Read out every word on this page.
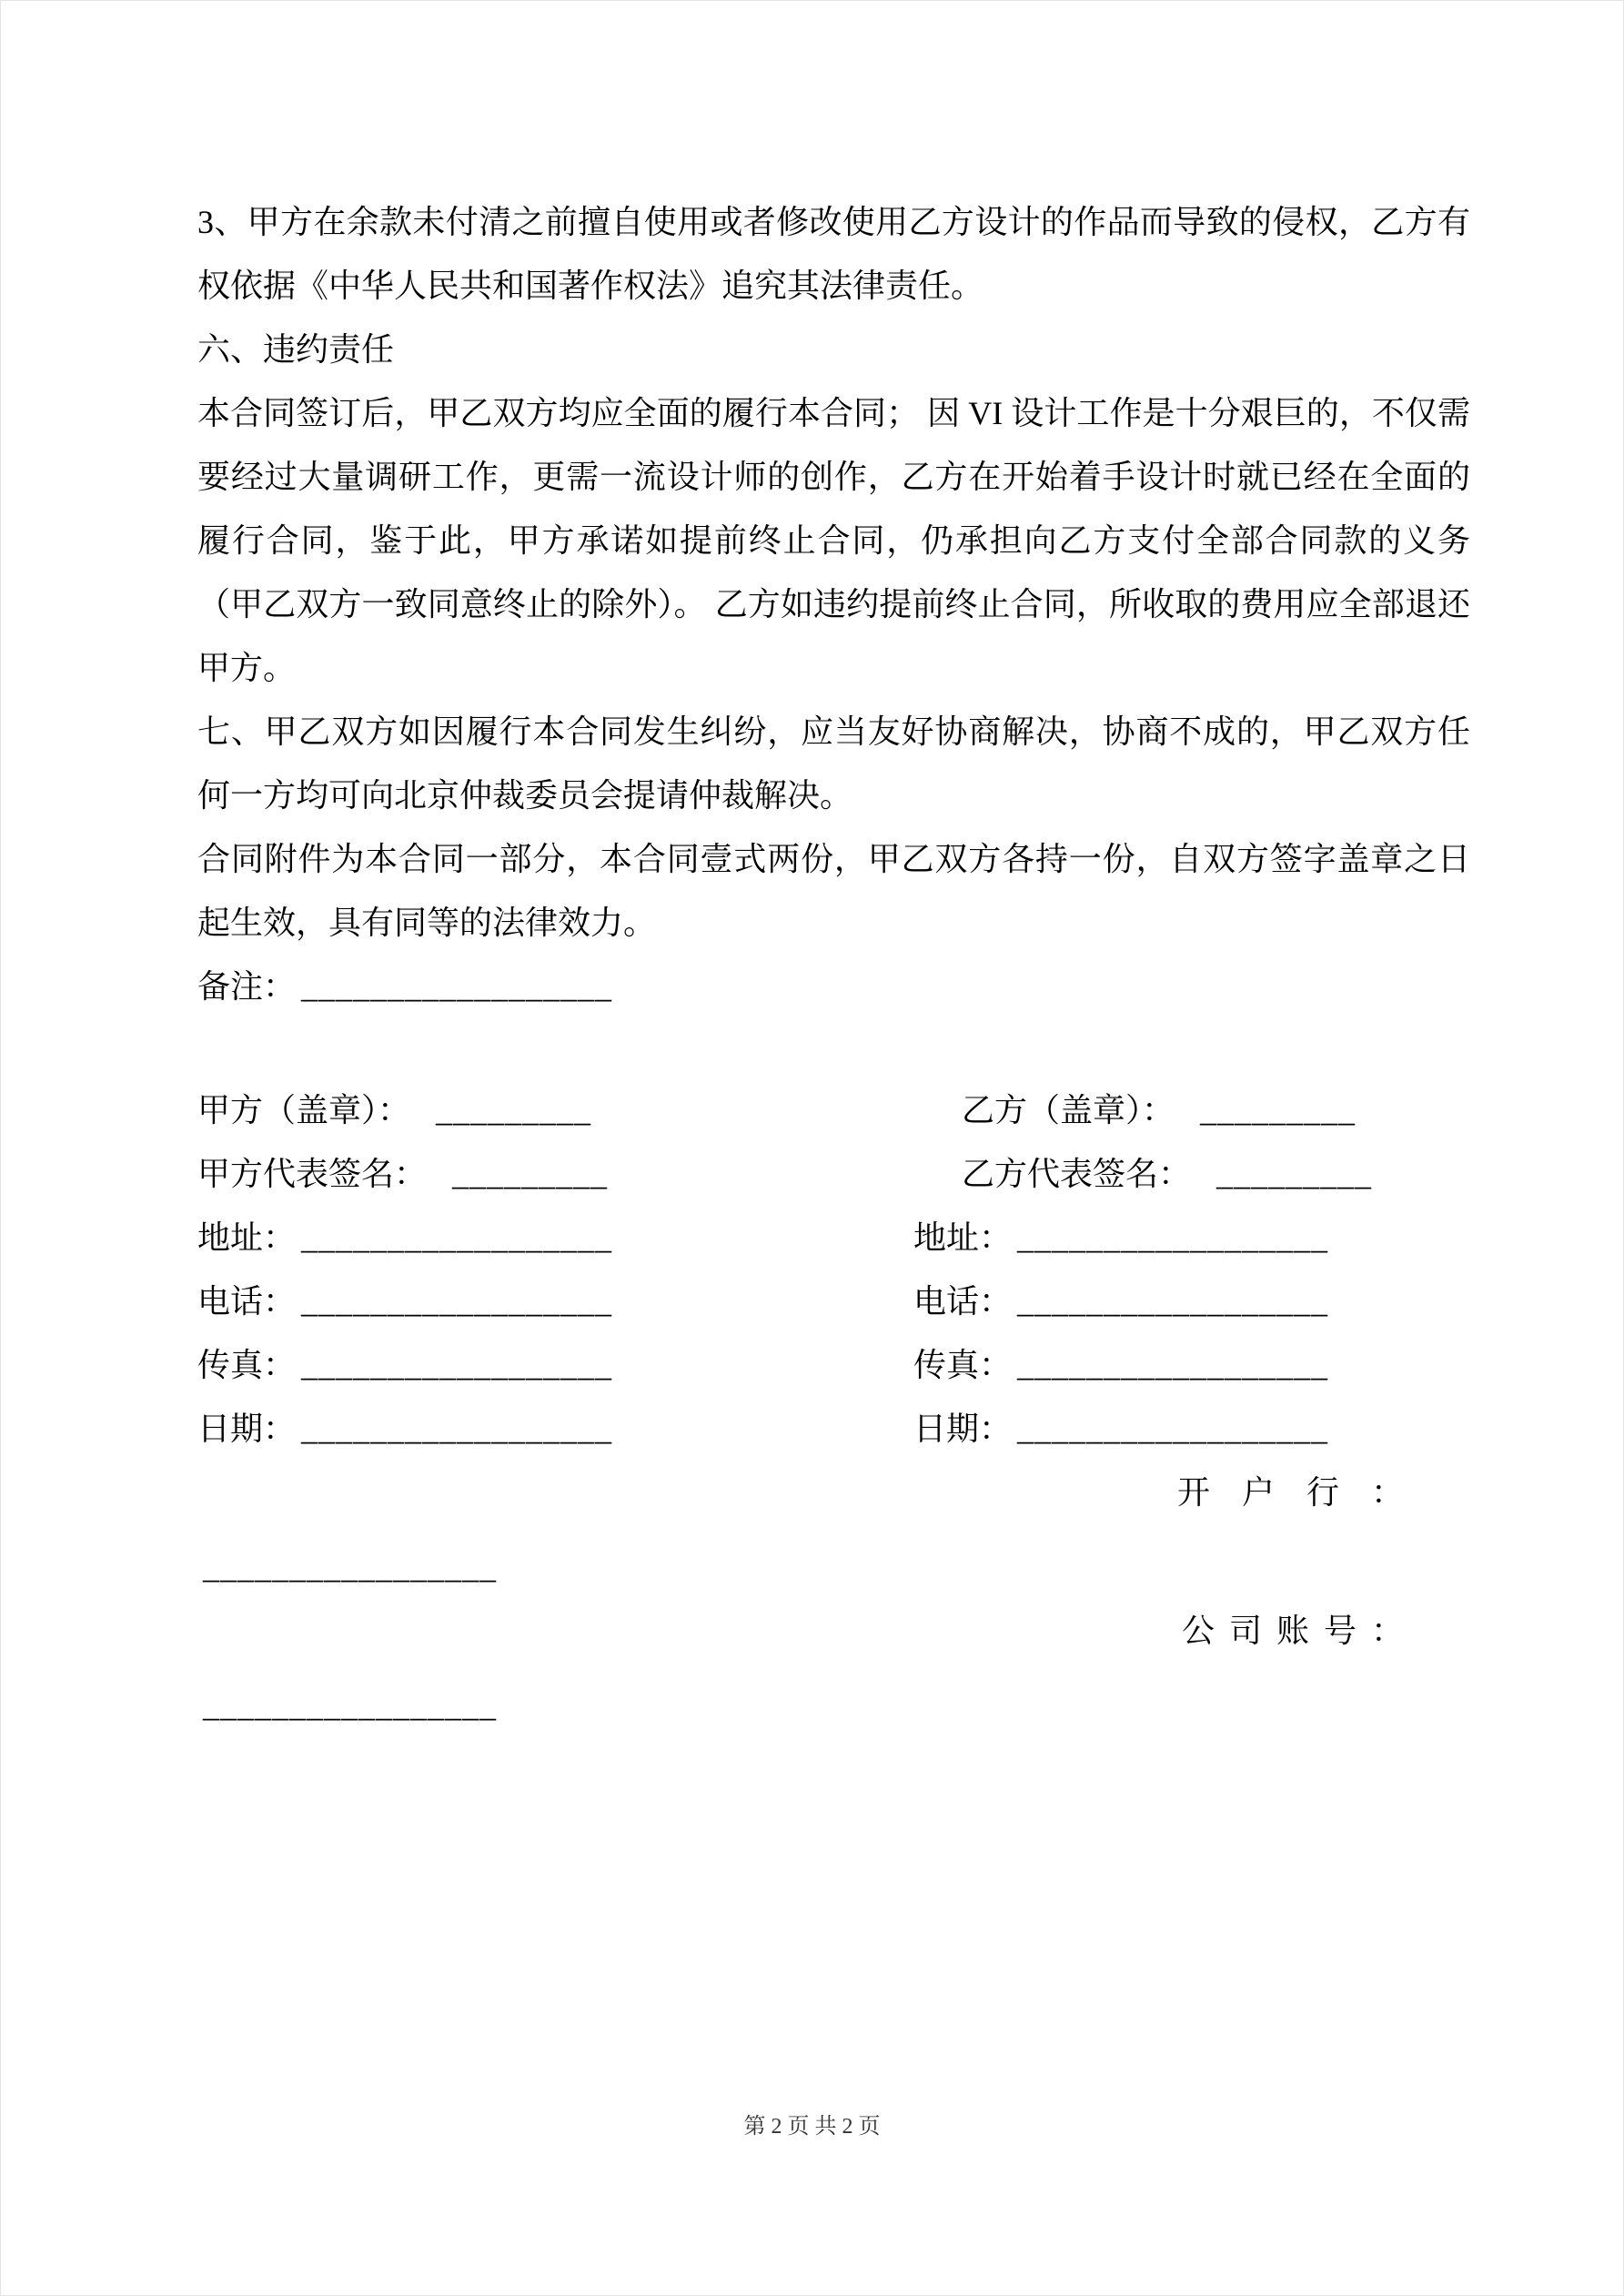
3、甲方在余款未付清之前擅自使用或者修改使用乙方设计的作品而导致的侵权，乙方有权依据《中华人民共和国著作权法》追究其法律责任。

六、违约责任

本合同签订后，甲乙双方均应全面的履行本合同； 因 VI 设计工作是十分艰巨的，不仅需要经过大量调研工作，更需一流设计师的创作，乙方在开始着手设计时就已经在全面的履行合同，鉴于此，甲方承诺如提前终止合同，仍承担向乙方支付全部合同款的义务（甲乙双方一致同意终止的除外）。 乙方如违约提前终止合同，所收取的费用应全部退还甲方。

七、甲乙双方如因履行本合同发生纠纷，应当友好协商解决，协商不成的，甲乙双方任何一方均可向北京仲裁委员会提请仲裁解决。

合同附件为本合同一部分，本合同壹式两份，甲乙双方各持一份，自双方签字盖章之日起生效，具有同等的法律效力。

备注： __________________

甲方（盖章）： _________	乙方（盖章）： _________
甲方代表签名： _________	乙方代表签名： _________
地址： __________________	地址： __________________
电话： __________________	电话： __________________
传真： __________________	传真： __________________
日期： __________________	日期： __________________
开 户 行 ：
_________________
公 司 账 号 ：
_________________
第 2 页 共 2 页
